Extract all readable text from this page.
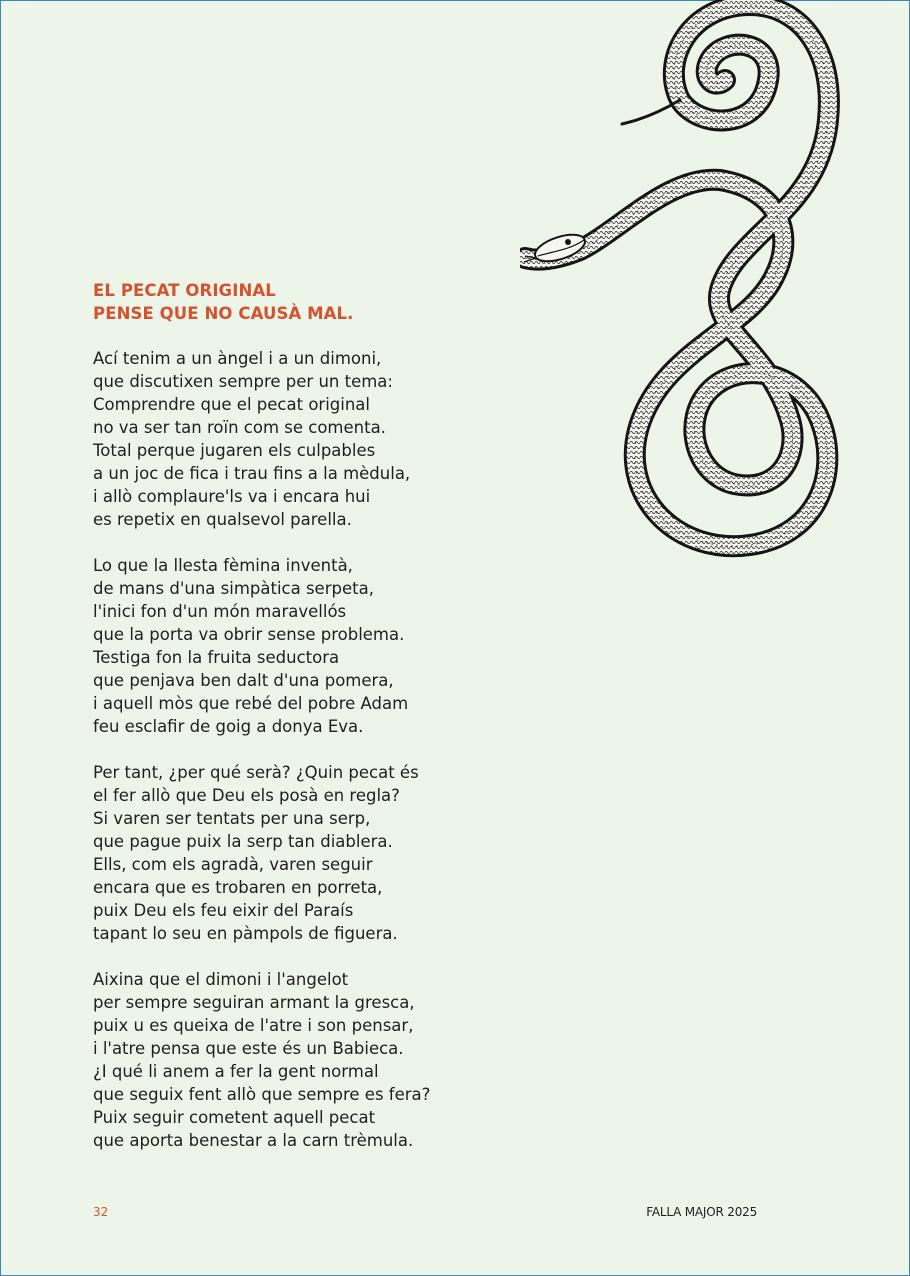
EL PECAT ORIGINAL
PENSE QUE NO CAUSÀ MAL.
Ací tenim a un àngel i a un dimoni,
que discutixen sempre per un tema:
Comprendre que el pecat original
no va ser tan roïn com se comenta.
Total perque jugaren els culpables
a un joc de fica i trau fins a la mèdula,
i allò complaure'ls va i encara hui
es repetix en qualsevol parella.
Lo que la llesta fèmina inventà,
de mans d'una simpàtica serpeta,
l'inici fon d'un món maravellós
que la porta va obrir sense problema.
Testiga fon la fruita seductora
que penjava ben dalt d'una pomera,
i aquell mòs que rebé del pobre Adam
feu esclafir de goig a donya Eva.
Per tant, ¿per qué serà? ¿Quin pecat és
el fer allò que Deu els posà en regla?
Si varen ser tentats per una serp,
que pague puix la serp tan diablera.
Ells, com els agradà, varen seguir
encara que es trobaren en porreta,
puix Deu els feu eixir del Paraís
tapant lo seu en pàmpols de figuera.
Aixina que el dimoni i l'angelot
per sempre seguiran armant la gresca,
puix u es queixa de l'atre i son pensar,
i l'atre pensa que este és un Babieca.
¿I qué li anem a fer la gent normal
que seguix fent allò que sempre es fera?
Puix seguir cometent aquell pecat
que aporta benestar a la carn trèmula.
32	FALLA MAJOR 2025
